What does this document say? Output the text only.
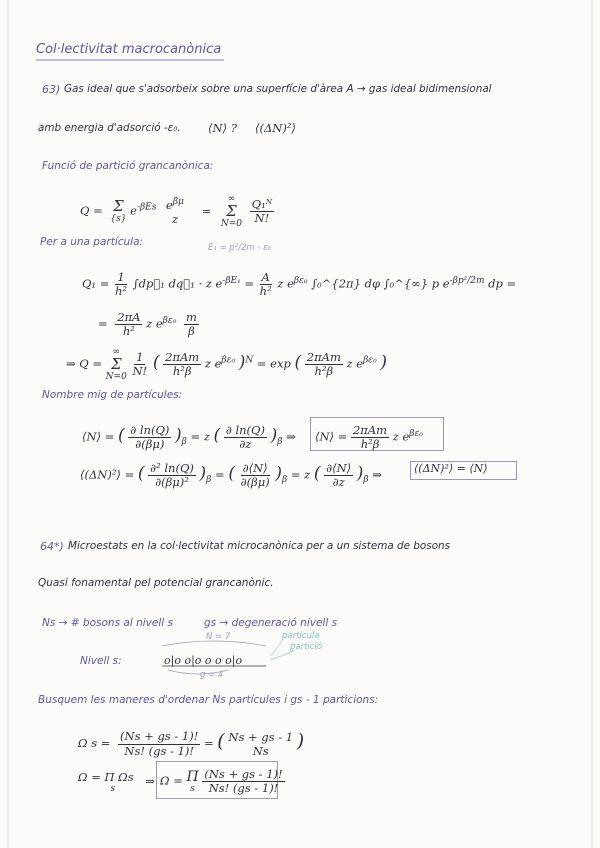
Col·lectivitat macrocanònica
63) Gas ideal que s'adsorbeix sobre una superfície d'àrea A → gas ideal bidimensional
amb energia d'adsorció -ε₀. ⟨N⟩ ? ⟨(ΔN)²⟩
Funció de partició grancanònica:
Q = Σ
{s}
$e^{-\beta Es}$ $e^{\beta\mu}$
z
=
∞
Σ
N=0
$\frac{\text{Q₁ᴺ}}{N!}$
Per a una partícula:	E₁ = p²/2m - ε₀
$Q_1 = \frac{1}{\text{h²}}$ ∫dp⃗₁ dq⃗₁ · z $e^{-\beta E_1} = \frac{A}{\text{h²}}$ z $e^{\beta\varepsilon_0}$ ∫₀^{2π} dφ ∫₀^{∞} p $e^{-\beta p^2/2m}$ dp =
= $\frac{2\pi A}{\text{h²}}$ z $e^{\beta\varepsilon_0} \frac{m}{\beta}$
⇒ Q =
∞
Σ
N=0
$\frac{1}{N!}$ ( $\frac{\text{2πAm}}{\text{h²β}}$ z $e^{\beta\varepsilon_0}$ )$^N$ = exp ( $\frac{\text{2πAm}}{\text{h²β}}$ z $e^{\beta\varepsilon_0}$ )
Nombre mig de partícules:
⟨N⟩ = ( $\frac{\partial \ln(Q)}{\partial(\beta\mu)} )_\beta = z$ ( $\frac{\partial \ln(Q)}{\partial z} )_\beta$ ⇒ ⟨N⟩ = $\frac{\text{2πAm}}{\text{h²β}}$ z $e^{\beta\varepsilon_0}$
⟨(ΔN)²⟩ = ( $\frac{\text{∂² ln(Q)}}{\text{∂(βμ)²}} )_\beta$ = ( $\frac{\partial⟨N⟩}{\partial(\beta\mu)} )_\beta = z$ ( $\frac{\partial⟨N⟩}{\partial z} )_\beta$ ⇒	⟨(ΔN)²⟩ = ⟨N⟩
64*) Microestats en la col·lectivitat microcanònica per a un sistema de bosons
Quasi fonamental pel potencial grancanònic.
Ns → # bosons al nivell s	gs → degeneració nivell s
Nivell s:
N = 7
o|o o|o o o o|o
g = 4
partícula
partició
Busquem les maneres d'ordenar Ns partícules i gs - 1 particions:
Ω $s = \frac{(Ns + gs - 1)!}{Ns! (gs - 1)!}$ = ( Ns + gs - 1
Ns )
Ω = Π Ωs
s
⇒ Ω = Π
s
$\frac{(Ns + gs - 1)!}{Ns! (gs - 1)!}$
